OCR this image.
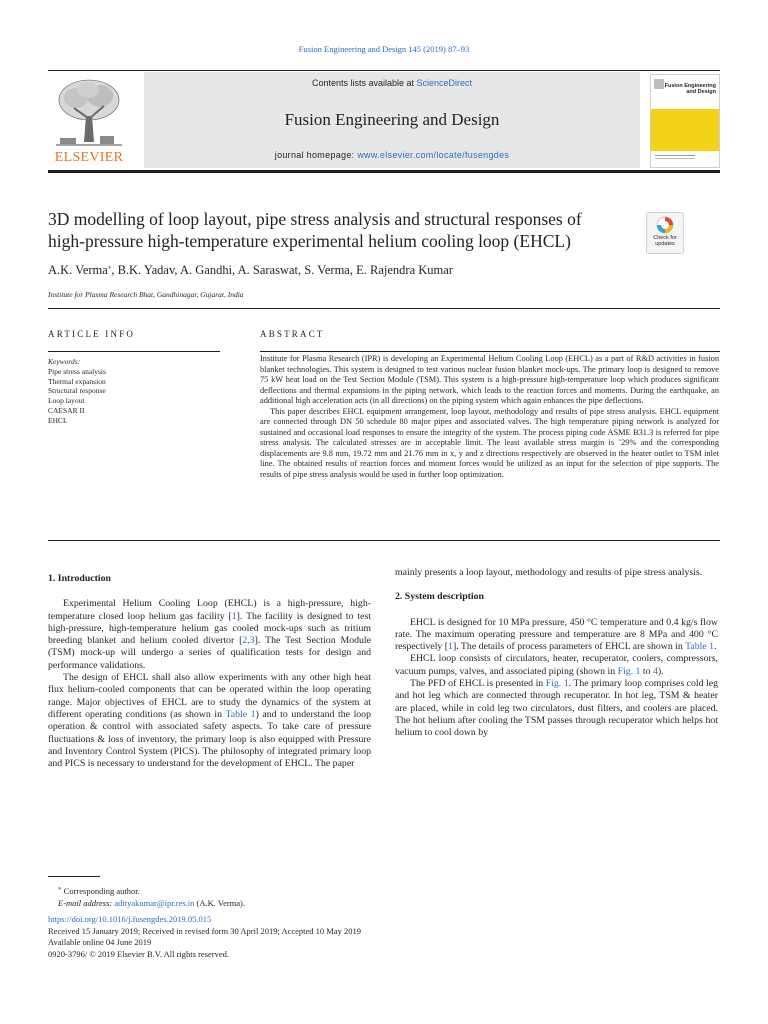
Fusion Engineering and Design 145 (2019) 87–93
ELSEVIER
Contents lists available at ScienceDirect
Fusion Engineering and Design
journal homepage: www.elsevier.com/locate/fusengdes
Fusion Engineering
and Design
3D modelling of loop layout, pipe stress analysis and structural responses of
high-pressure high-temperature experimental helium cooling loop (EHCL)	Check for
updates
A.K. Verma⁎, B.K. Yadav, A. Gandhi, A. Saraswat, S. Verma, E. Rajendra Kumar
Institute for Plasma Research Bhat, Gandhinagar, Gujarat, India
ARTICLE INFO
Keywords:
Pipe stress analysis
Thermal expansion
Structural response
Loop layout
CAESAR II
EHCL
ABSTRACT

Institute for Plasma Research (IPR) is developing an Experimental Helium Cooling Loop (EHCL) as a part of R&D activities in fusion blanket technologies. This system is designed to test various nuclear fusion blanket mock-ups. The primary loop is designed to remove 75 kW heat load on the Test Section Module (TSM). This system is a high-pressure high-temperature loop which produces significant deflections and thermal expansions in the piping network, which leads to the reaction forces and moments. During the earthquake, an additional high acceleration acts (in all directions) on the piping system which again enhances the pipe deflections.

This paper describes EHCL equipment arrangement, loop layout, methodology and results of pipe stress analysis. EHCL equipment are connected through DN 50 schedule 80 major pipes and associated valves. The high temperature piping network is analyzed for sustained and occasional load responses to ensure the integrity of the system. The process piping code ASME B31.3 is referred for pipe stress analysis. The calculated stresses are in acceptable limit. The least available stress margin is ˜29% and the corresponding displacements are 9.8 mm, 19.72 mm and 21.76 mm in x, y and z directions respectively are observed in the heater outlet to TSM inlet line. The obtained results of reaction forces and moment forces would be utilized as an input for the selection of pipe supports. The results of pipe stress analysis would be used in further loop optimization.

1. Introduction

Experimental Helium Cooling Loop (EHCL) is a high-pressure, high-temperature closed loop helium gas facility [1]. The facility is designed to test high-pressure, high-temperature helium gas cooled mock-ups such as tritium breeding blanket and helium cooled divertor [2,3]. The Test Section Module (TSM) mock-up will undergo a series of qualification tests for design and performance validations.

The design of EHCL shall also allow experiments with any other high heat flux helium-cooled components that can be operated within the loop operating range. Major objectives of EHCL are to study the dynamics of the system at different operating conditions (as shown in Table 1) and to understand the loop operation & control with associated safety aspects. To take care of pressure fluctuations & loss of inventory, the primary loop is also equipped with Pressure and Inventory Control System (PICS). The philosophy of integrated primary loop and PICS is necessary to understand for the development of EHCL. The paper

mainly presents a loop layout, methodology and results of pipe stress analysis.

2. System description

EHCL is designed for 10 MPa pressure, 450 °C temperature and 0.4 kg/s flow rate. The maximum operating pressure and temperature are 8 MPa and 400 °C respectively [1]. The details of process parameters of EHCL are shown in Table 1.

EHCL loop consists of circulators, heater, recuperator, coolers, compressors, vacuum pumps, valves, and associated piping (shown in Fig. 1 to 4).

The PFD of EHCL is presented in Fig. 1. The primary loop comprises cold leg and hot leg which are connected through recuperator. In hot leg, TSM & heater are placed, while in cold leg two circulators, dust filters, and coolers are placed. The hot helium after cooling the TSM passes through recuperator which helps hot helium to cool down by

⁎ Corresponding author.
E-mail address: adityakumar@ipr.res.in (A.K. Verma).
https://doi.org/10.1016/j.fusengdes.2019.05.015
Received 15 January 2019; Received in revised form 30 April 2019; Accepted 10 May 2019
Available online 04 June 2019
0920-3796/ © 2019 Elsevier B.V. All rights reserved.
